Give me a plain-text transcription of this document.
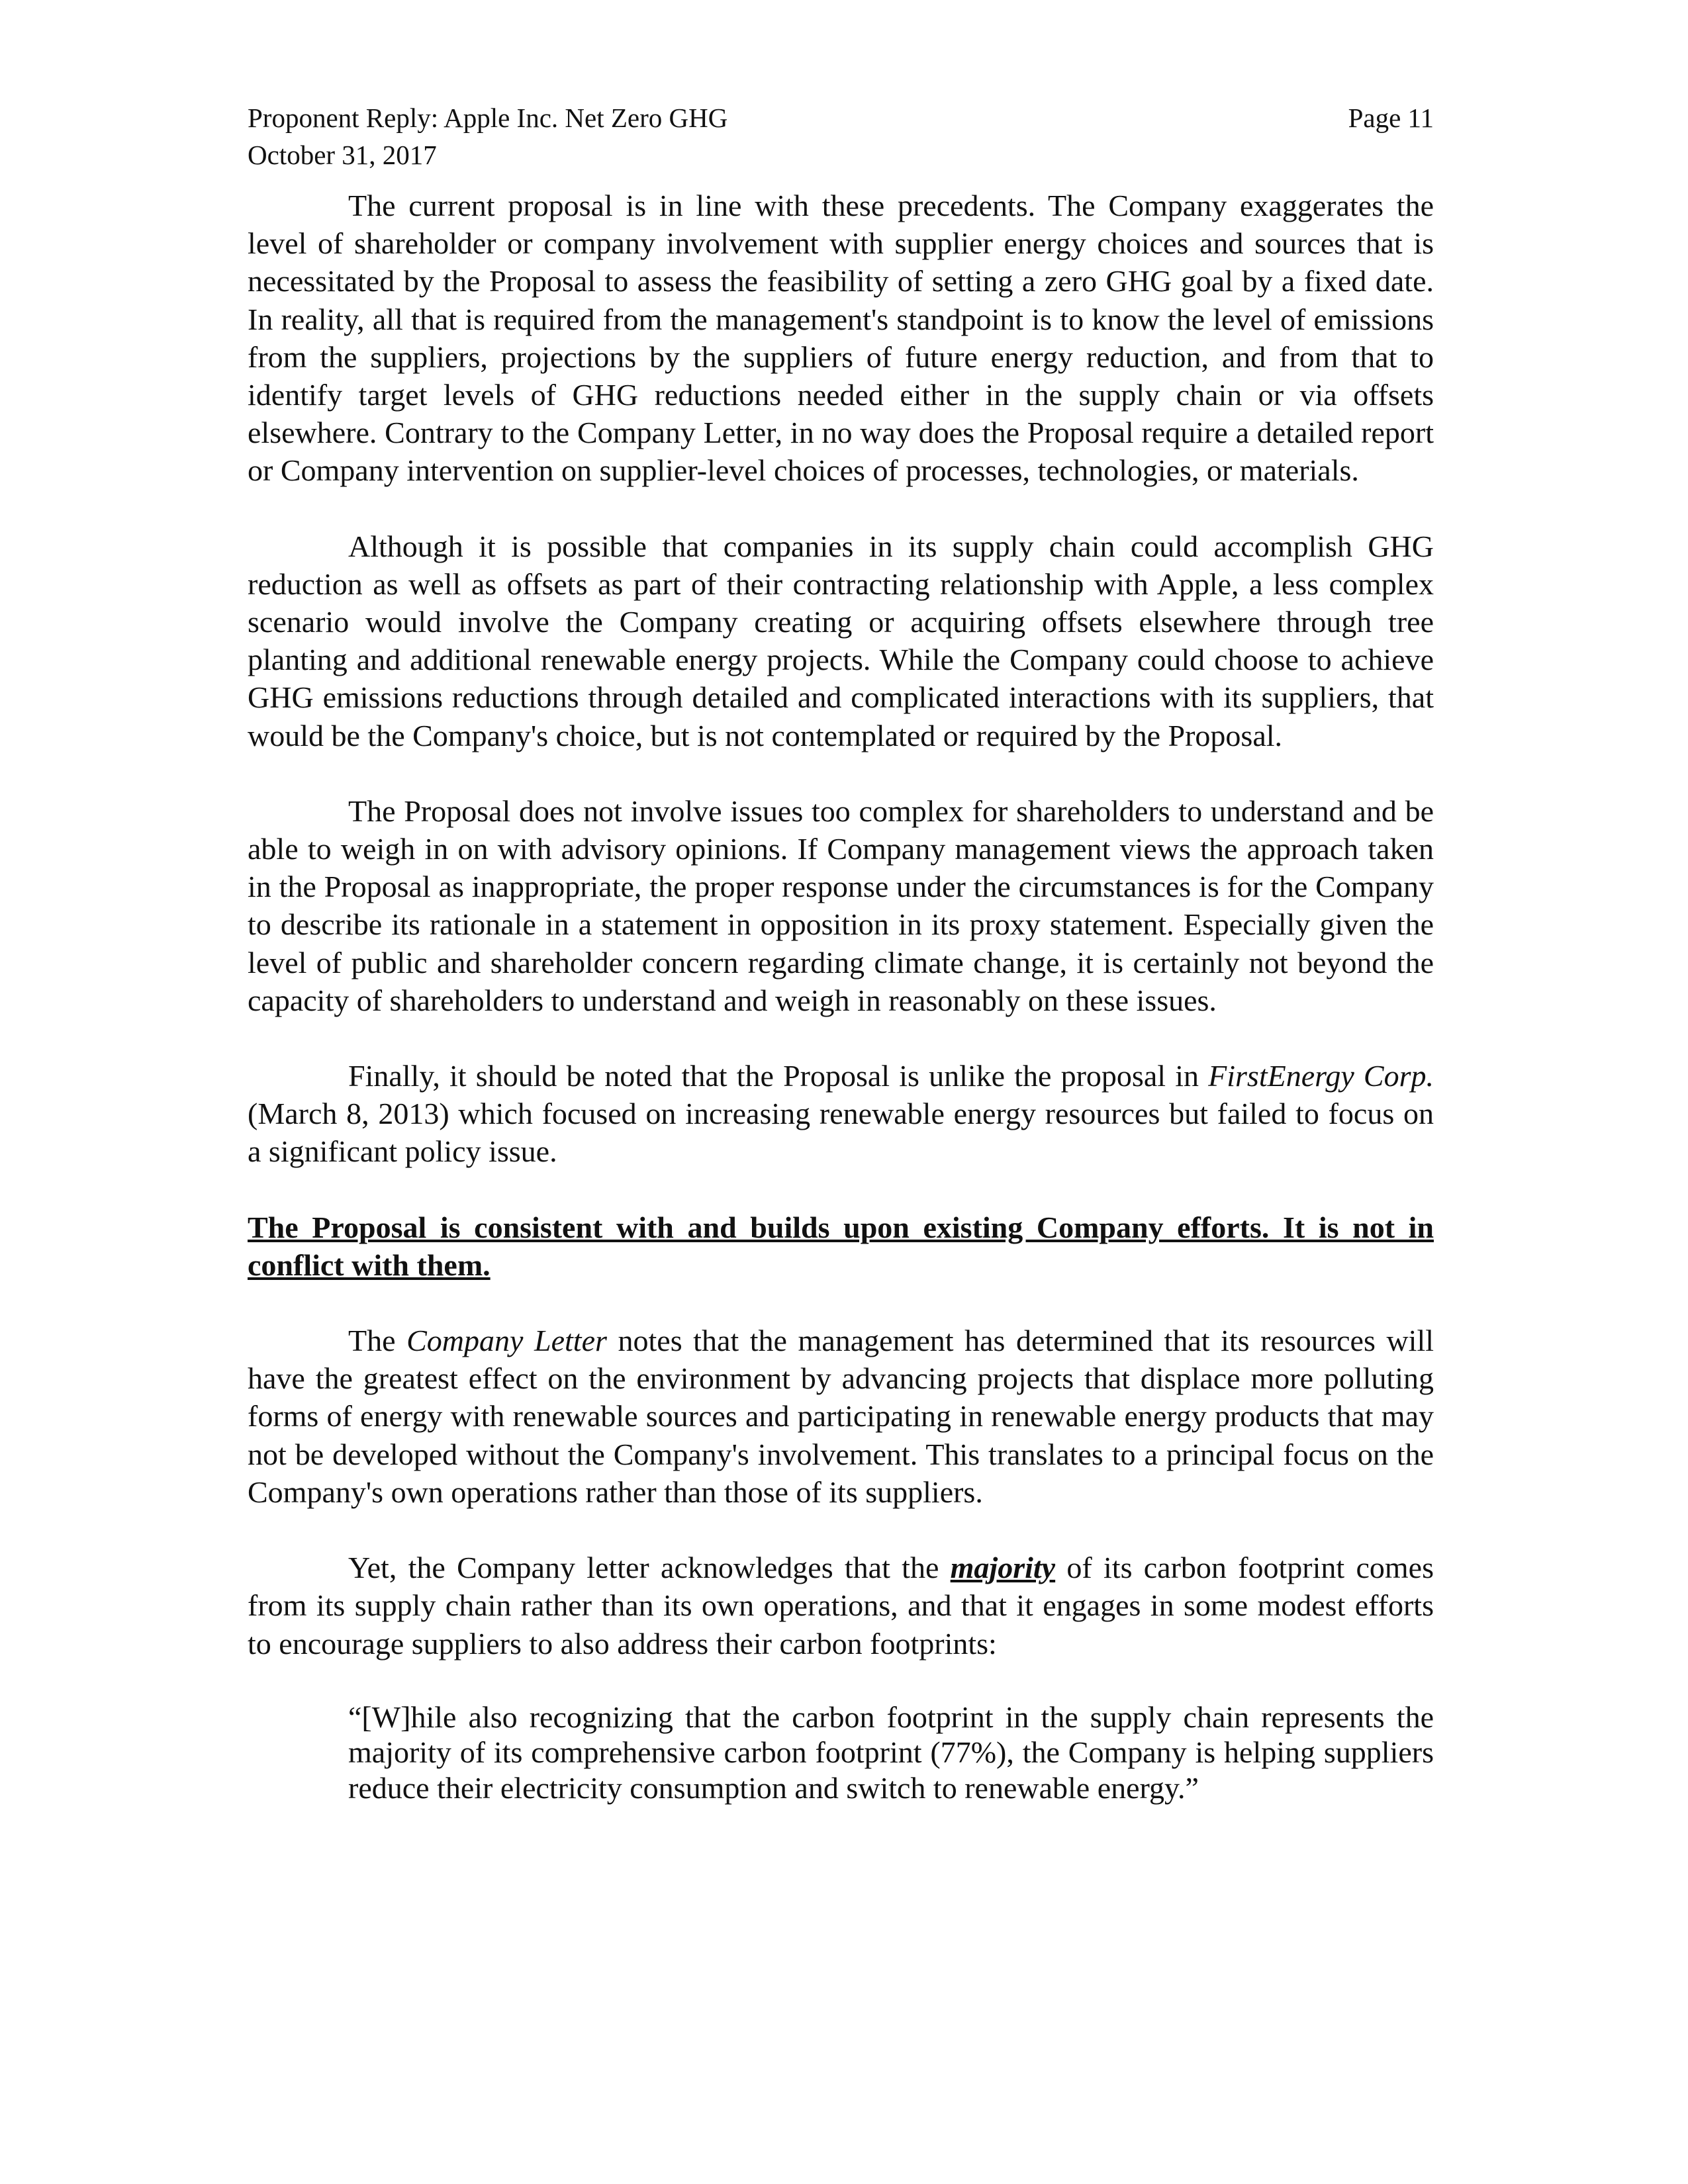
Proponent Reply: Apple Inc. Net Zero GHG	Page 11
October 31, 2017

The current proposal is in line with these precedents. The Company exaggerates the level of shareholder or company involvement with supplier energy choices and sources that is necessitated by the Proposal to assess the feasibility of setting a zero GHG goal by a fixed date. In reality, all that is required from the management's standpoint is to know the level of emissions from the suppliers, projections by the suppliers of future energy reduction, and from that to identify target levels of GHG reductions needed either in the supply chain or via offsets elsewhere. Contrary to the Company Letter, in no way does the Proposal require a detailed report or Company intervention on supplier-level choices of processes, technologies, or materials.

Although it is possible that companies in its supply chain could accomplish GHG reduction as well as offsets as part of their contracting relationship with Apple, a less complex scenario would involve the Company creating or acquiring offsets elsewhere through tree planting and additional renewable energy projects. While the Company could choose to achieve GHG emissions reductions through detailed and complicated interactions with its suppliers, that would be the Company's choice, but is not contemplated or required by the Proposal.

The Proposal does not involve issues too complex for shareholders to understand and be able to weigh in on with advisory opinions. If Company management views the approach taken in the Proposal as inappropriate, the proper response under the circumstances is for the Company to describe its rationale in a statement in opposition in its proxy statement. Especially given the level of public and shareholder concern regarding climate change, it is certainly not beyond the capacity of shareholders to understand and weigh in reasonably on these issues.

Finally, it should be noted that the Proposal is unlike the proposal in FirstEnergy Corp. (March 8, 2013) which focused on increasing renewable energy resources but failed to focus on a significant policy issue.

The Proposal is consistent with and builds upon existing Company efforts. It is not in conflict with them.

The Company Letter notes that the management has determined that its resources will have the greatest effect on the environment by advancing projects that displace more polluting forms of energy with renewable sources and participating in renewable energy products that may not be developed without the Company's involvement. This translates to a principal focus on the Company's own operations rather than those of its suppliers.

Yet, the Company letter acknowledges that the majority of its carbon footprint comes from its supply chain rather than its own operations, and that it engages in some modest efforts to encourage suppliers to also address their carbon footprints:

“[W]hile also recognizing that the carbon footprint in the supply chain represents the majority of its comprehensive carbon footprint (77%), the Company is helping suppliers reduce their electricity consumption and switch to renewable energy.”
